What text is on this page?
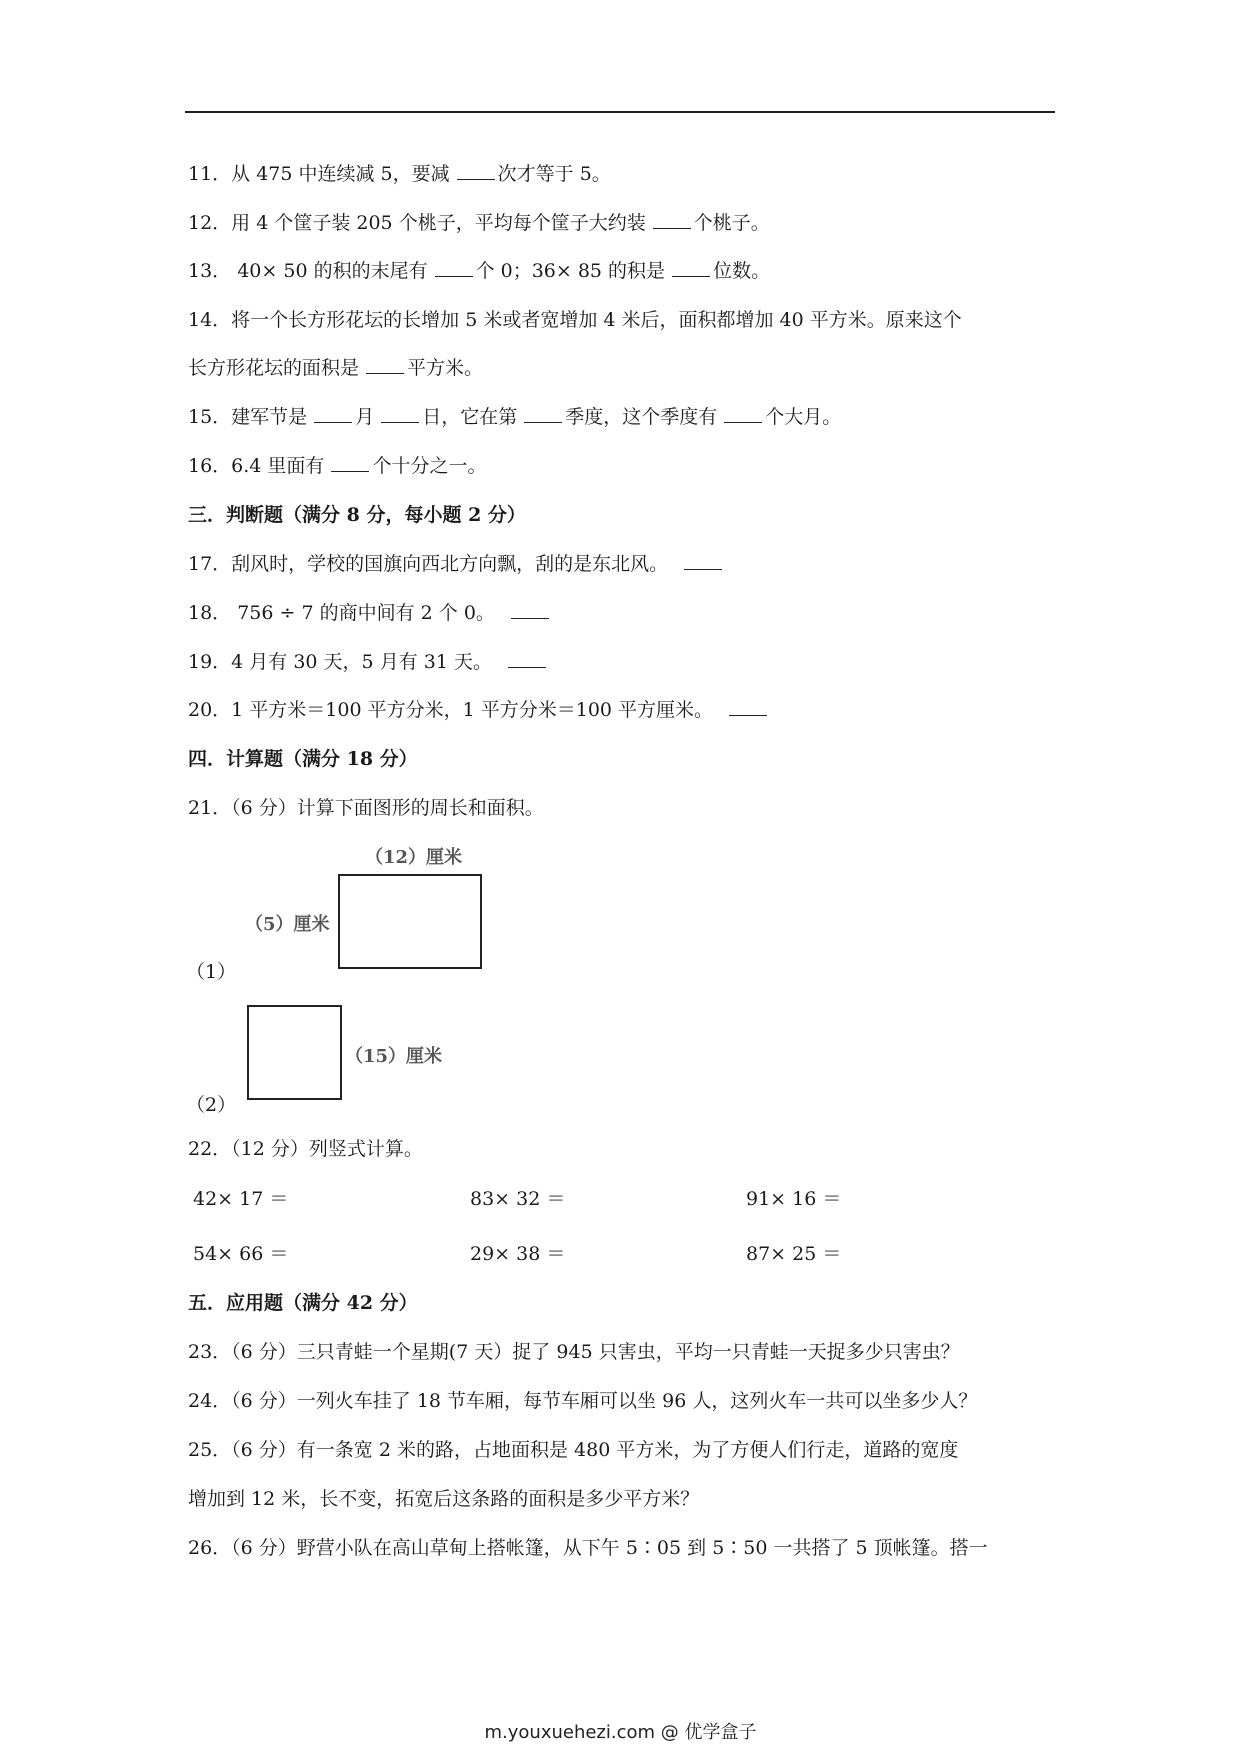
11．从 475 中连续减 5，要减	次才等于 5。
12．用 4 个筐子装 205 个桃子，平均每个筐子大约装	个桃子。
13． 40× 50 的积的末尾有	个 0；36× 85 的积是	位数。
14．将一个长方形花坛的长增加 5 米或者宽增加 4 米后，面积都增加 40 平方米。原来这个
长方形花坛的面积是	平方米。
15．建军节是	月	日，它在第	季度，这个季度有	个大月。
16．6.4 里面有	个十分之一。
三．判断题（满分 8 分，每小题 2 分）
17．刮风时，学校的国旗向西北方向飘，刮的是东北风。
18． 756 ÷ 7 的商中间有 2 个 0。
19．4 月有 30 天，5 月有 31 天。
20．1 平方米＝100 平方分米，1 平方分米＝100 平方厘米。
四．计算题（满分 18 分）
21．（6 分）计算下面图形的周长和面积。
（12）厘米
（5）厘米
（1）
（15）厘米
（2）
22．（12 分）列竖式计算。
42× 17 ＝	83× 32 ＝	91× 16 ＝
54× 66 ＝	29× 38 ＝	87× 25 ＝
五．应用题（满分 42 分）
23．（6 分）三只青蛙一个星期(7 天）捉了 945 只害虫，平均一只青蛙一天捉多少只害虫？
24．（6 分）一列火车挂了 18 节车厢，每节车厢可以坐 96 人，这列火车一共可以坐多少人？
25．（6 分）有一条宽 2 米的路，占地面积是 480 平方米，为了方便人们行走，道路的宽度
增加到 12 米，长不变，拓宽后这条路的面积是多少平方米？
26．（6 分）野营小队在高山草甸上搭帐篷，从下午 5∶05 到 5∶50 一共搭了 5 顶帐篷。搭一
m.youxuehezi.com @ 优学盒子
